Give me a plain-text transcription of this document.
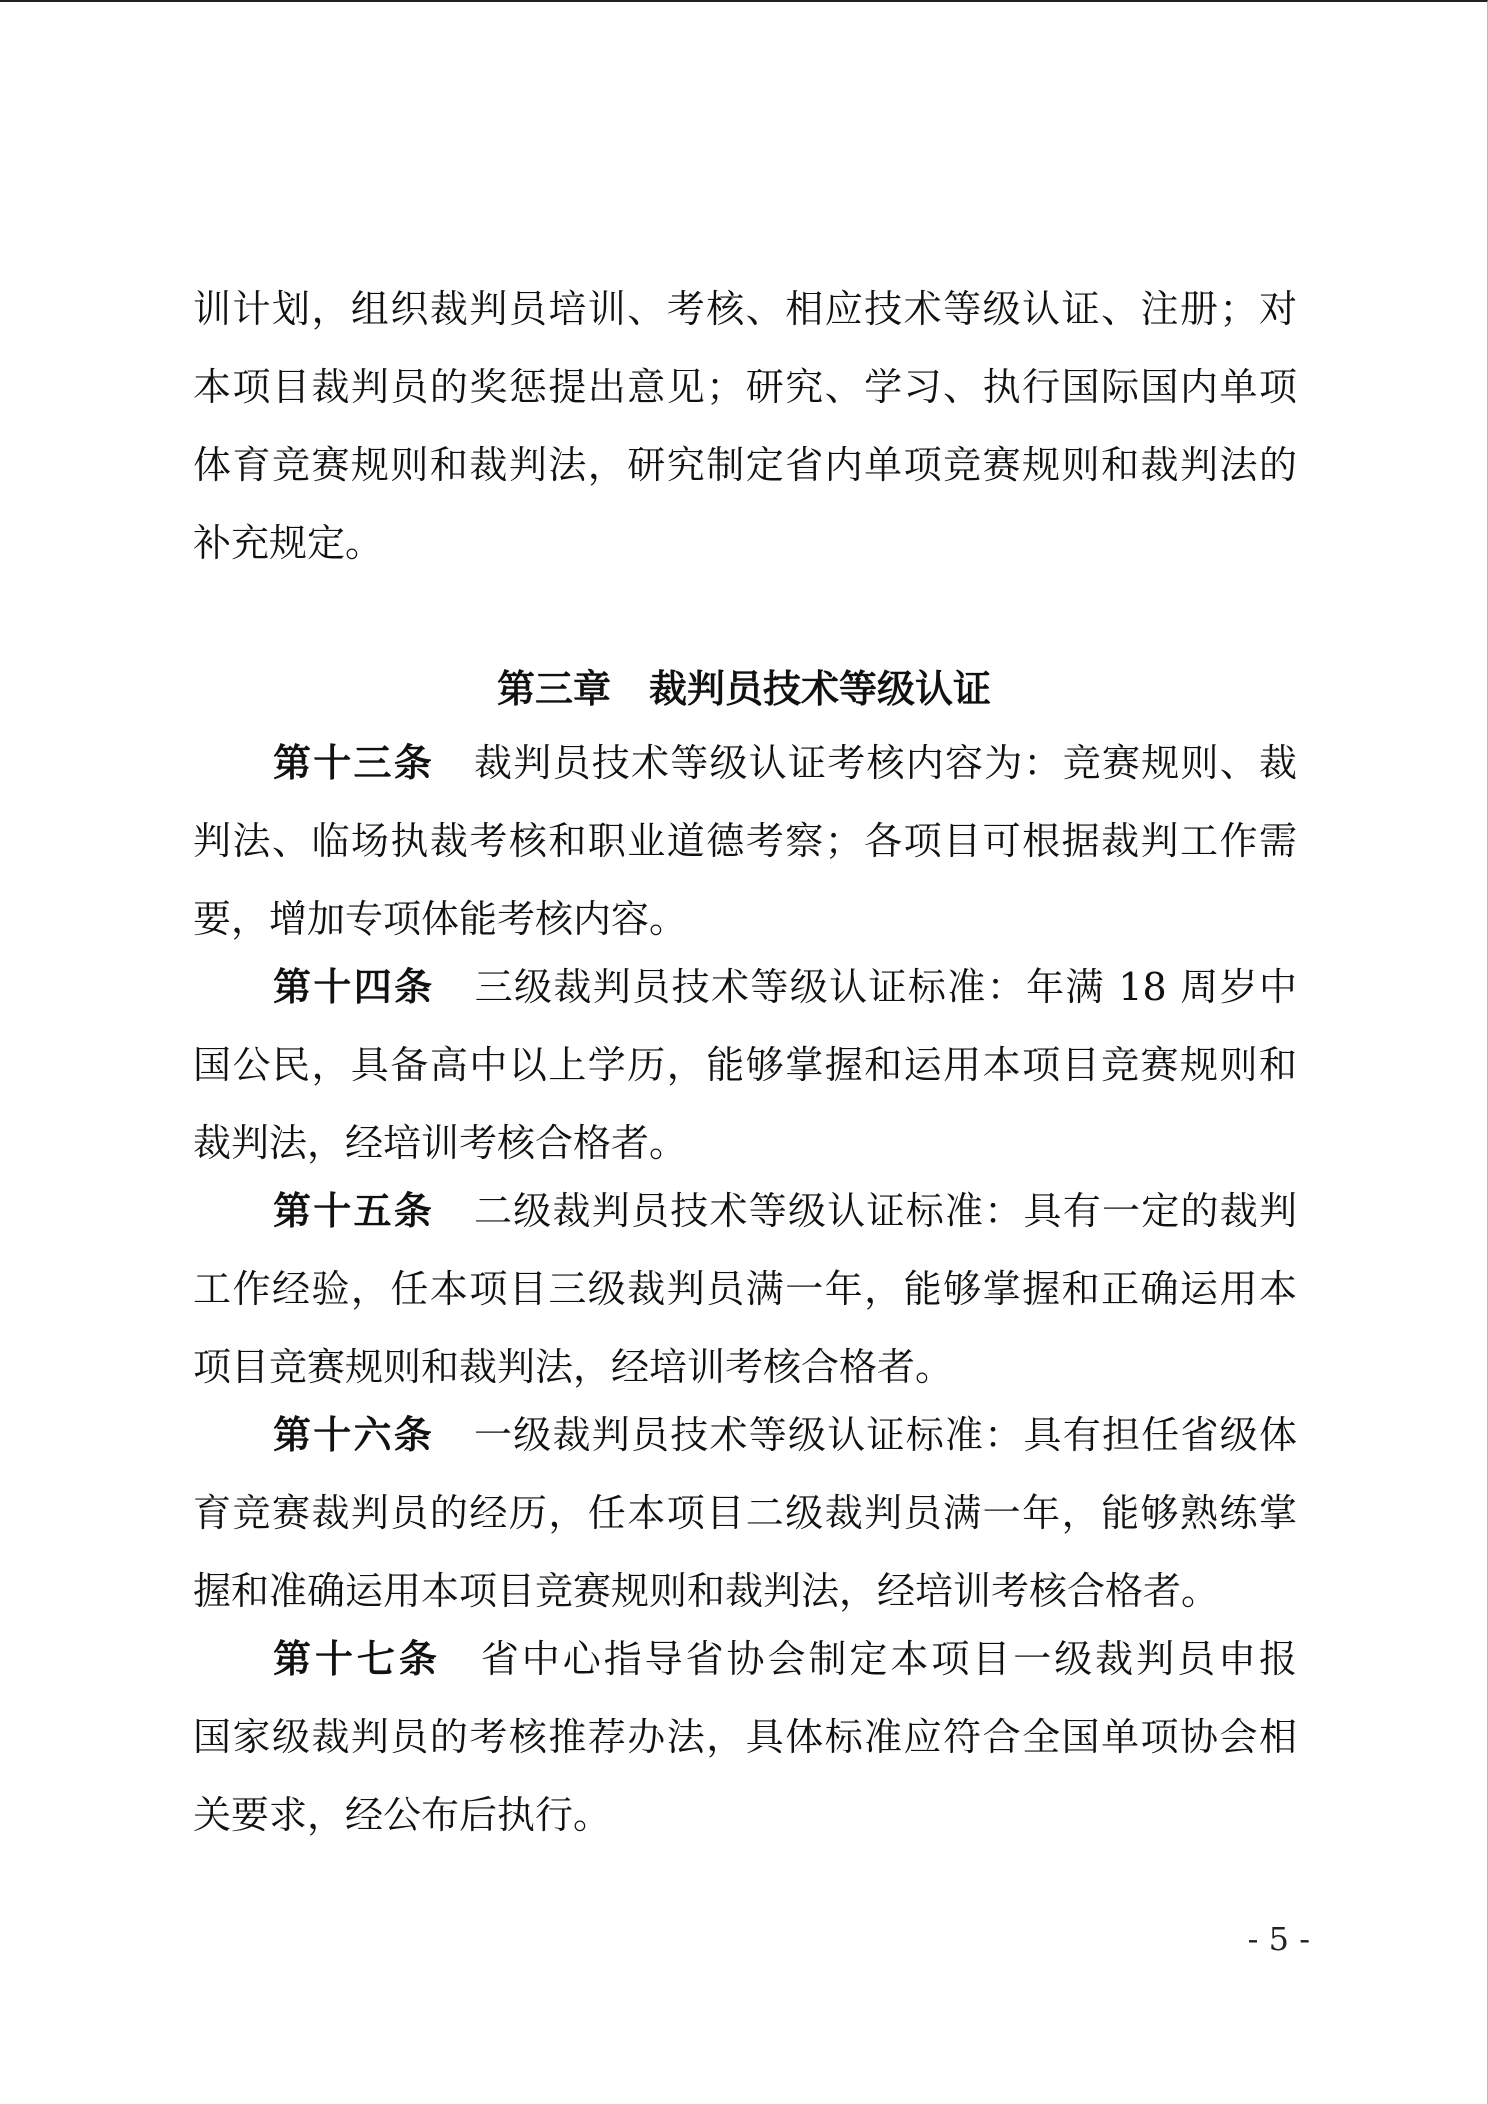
训计划，组织裁判员培训、考核、相应技术等级认证、注册；对
本项目裁判员的奖惩提出意见；研究、学习、执行国际国内单项
体育竞赛规则和裁判法，研究制定省内单项竞赛规则和裁判法的
补充规定。
第三章　裁判员技术等级认证
第十三条 裁判员技术等级认证考核内容为：竞赛规则、裁
判法、临场执裁考核和职业道德考察；各项目可根据裁判工作需
要，增加专项体能考核内容。
第十四条 三级裁判员技术等级认证标准：年满 18 周岁中
国公民，具备高中以上学历，能够掌握和运用本项目竞赛规则和
裁判法，经培训考核合格者。
第十五条 二级裁判员技术等级认证标准：具有一定的裁判
工作经验，任本项目三级裁判员满一年，能够掌握和正确运用本
项目竞赛规则和裁判法，经培训考核合格者。
第十六条 一级裁判员技术等级认证标准：具有担任省级体
育竞赛裁判员的经历，任本项目二级裁判员满一年，能够熟练掌
握和准确运用本项目竞赛规则和裁判法，经培训考核合格者。
第十七条 省中心指导省协会制定本项目一级裁判员申报
国家级裁判员的考核推荐办法，具体标准应符合全国单项协会相
关要求，经公布后执行。
- 5 -
